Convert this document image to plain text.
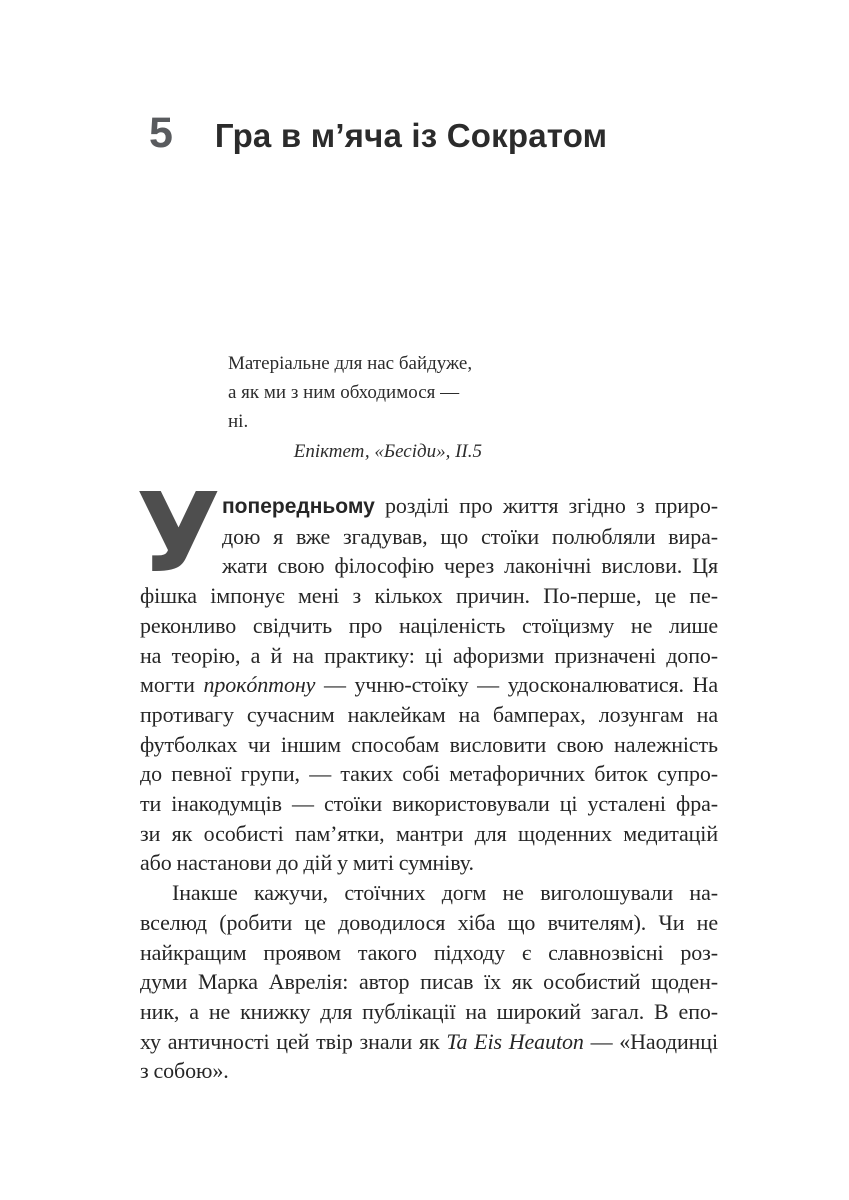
5 Гра в м’яча із Сократом
Матеріальне для нас байдуже,
а як ми з ним обходимося — ні.
Епіктет, «Бесіди», II.5
У попередньому розділі про життя згідно з приро-
дою я вже згадував, що стоїки полюбляли вира-
жати свою філософію через лаконічні вислови. Ця
фішка імпонує мені з кількох причин. По-перше, це пе-
реконливо свідчить про націленість стоїцизму не лише
на теорію, а й на практику: ці афоризми призначені допо-
могти прокóптону — учню-стоїку — удосконалюватися. На
противагу сучасним наклейкам на бамперах, лозунгам на
футболках чи іншим способам висловити свою належність
до певної групи, — таких собі метафоричних биток супро-
ти інакодумців — стоїки використовували ці усталені фра-
зи як особисті пам’ятки, мантри для щоденних медитацій
або настанови до дій у миті сумніву.
Інакше кажучи, стоїчних догм не виголошували на-
вселюд (робити це доводилося хіба що вчителям). Чи не
найкращим проявом такого підходу є славнозвісні роз-
думи Марка Аврелія: автор писав їх як особистий щоден-
ник, а не книжку для публікації на широкий загал. В епо-
ху античності цей твір знали як Ta Eis Heauton — «Наодинці
з собою».
